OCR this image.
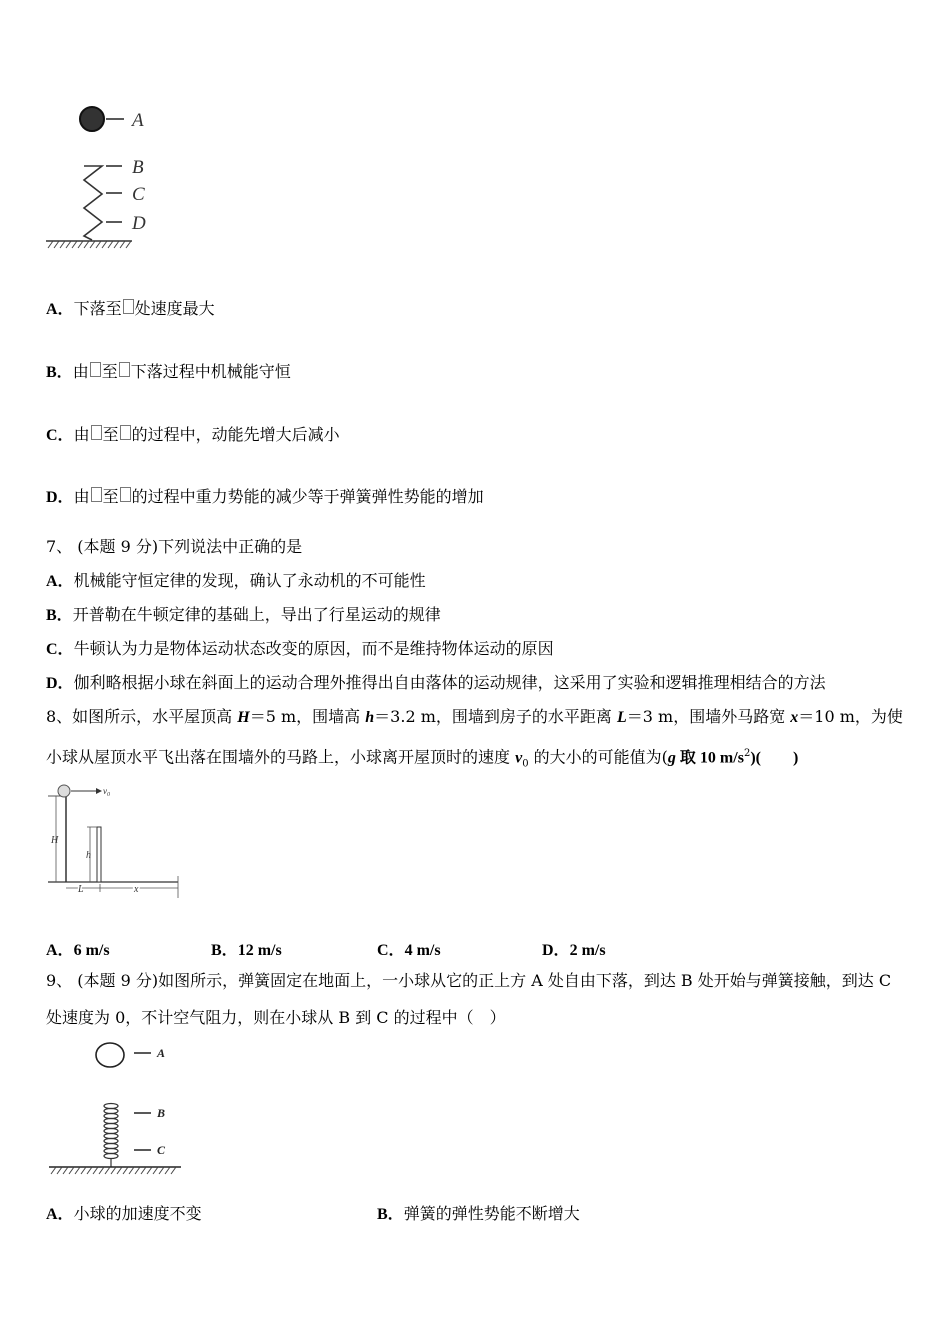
A
B
C
D
A．下落至 处速度最大
B．由 至 下落过程中机械能守恒
C．由 至 的过程中，动能先增大后减小
D．由 至 的过程中重力势能的减少等于弹簧弹性势能的增加
7、 (本题 9 分)下列说法中正确的是
A．机械能守恒定律的发现，确认了永动机的不可能性
B．开普勒在牛顿定律的基础上，导出了行星运动的规律
C．牛顿认为力是物体运动状态改变的原因，而不是维持物体运动的原因
D．伽利略根据小球在斜面上的运动合理外推得出自由落体的运动规律，这采用了实验和逻辑推理相结合的方法
8、如图所示，水平屋顶高 H＝5 m，围墙高 h＝3.2 m，围墙到房子的水平距离 L＝3 m，围墙外马路宽 x＝10 m，为使
小球从屋顶水平飞出落在围墙外的马路上，小球离开屋顶时的速度 $v_0$ 的大小的可能值为(g 取 10 $m/s^2$)(　　)
H
$v_0$
h
L	x
A．6 m/s	B．12 m/s	C．4 m/s	D．2 m/s
9、 (本题 9 分)如图所示，弹簧固定在地面上，一小球从它的正上方 A 处自由下落，到达 B 处开始与弹簧接触，到达 C
处速度为 0，不计空气阻力，则在小球从 B 到 C 的过程中（　）
A
B
C
A．小球的加速度不变	B．弹簧的弹性势能不断增大
